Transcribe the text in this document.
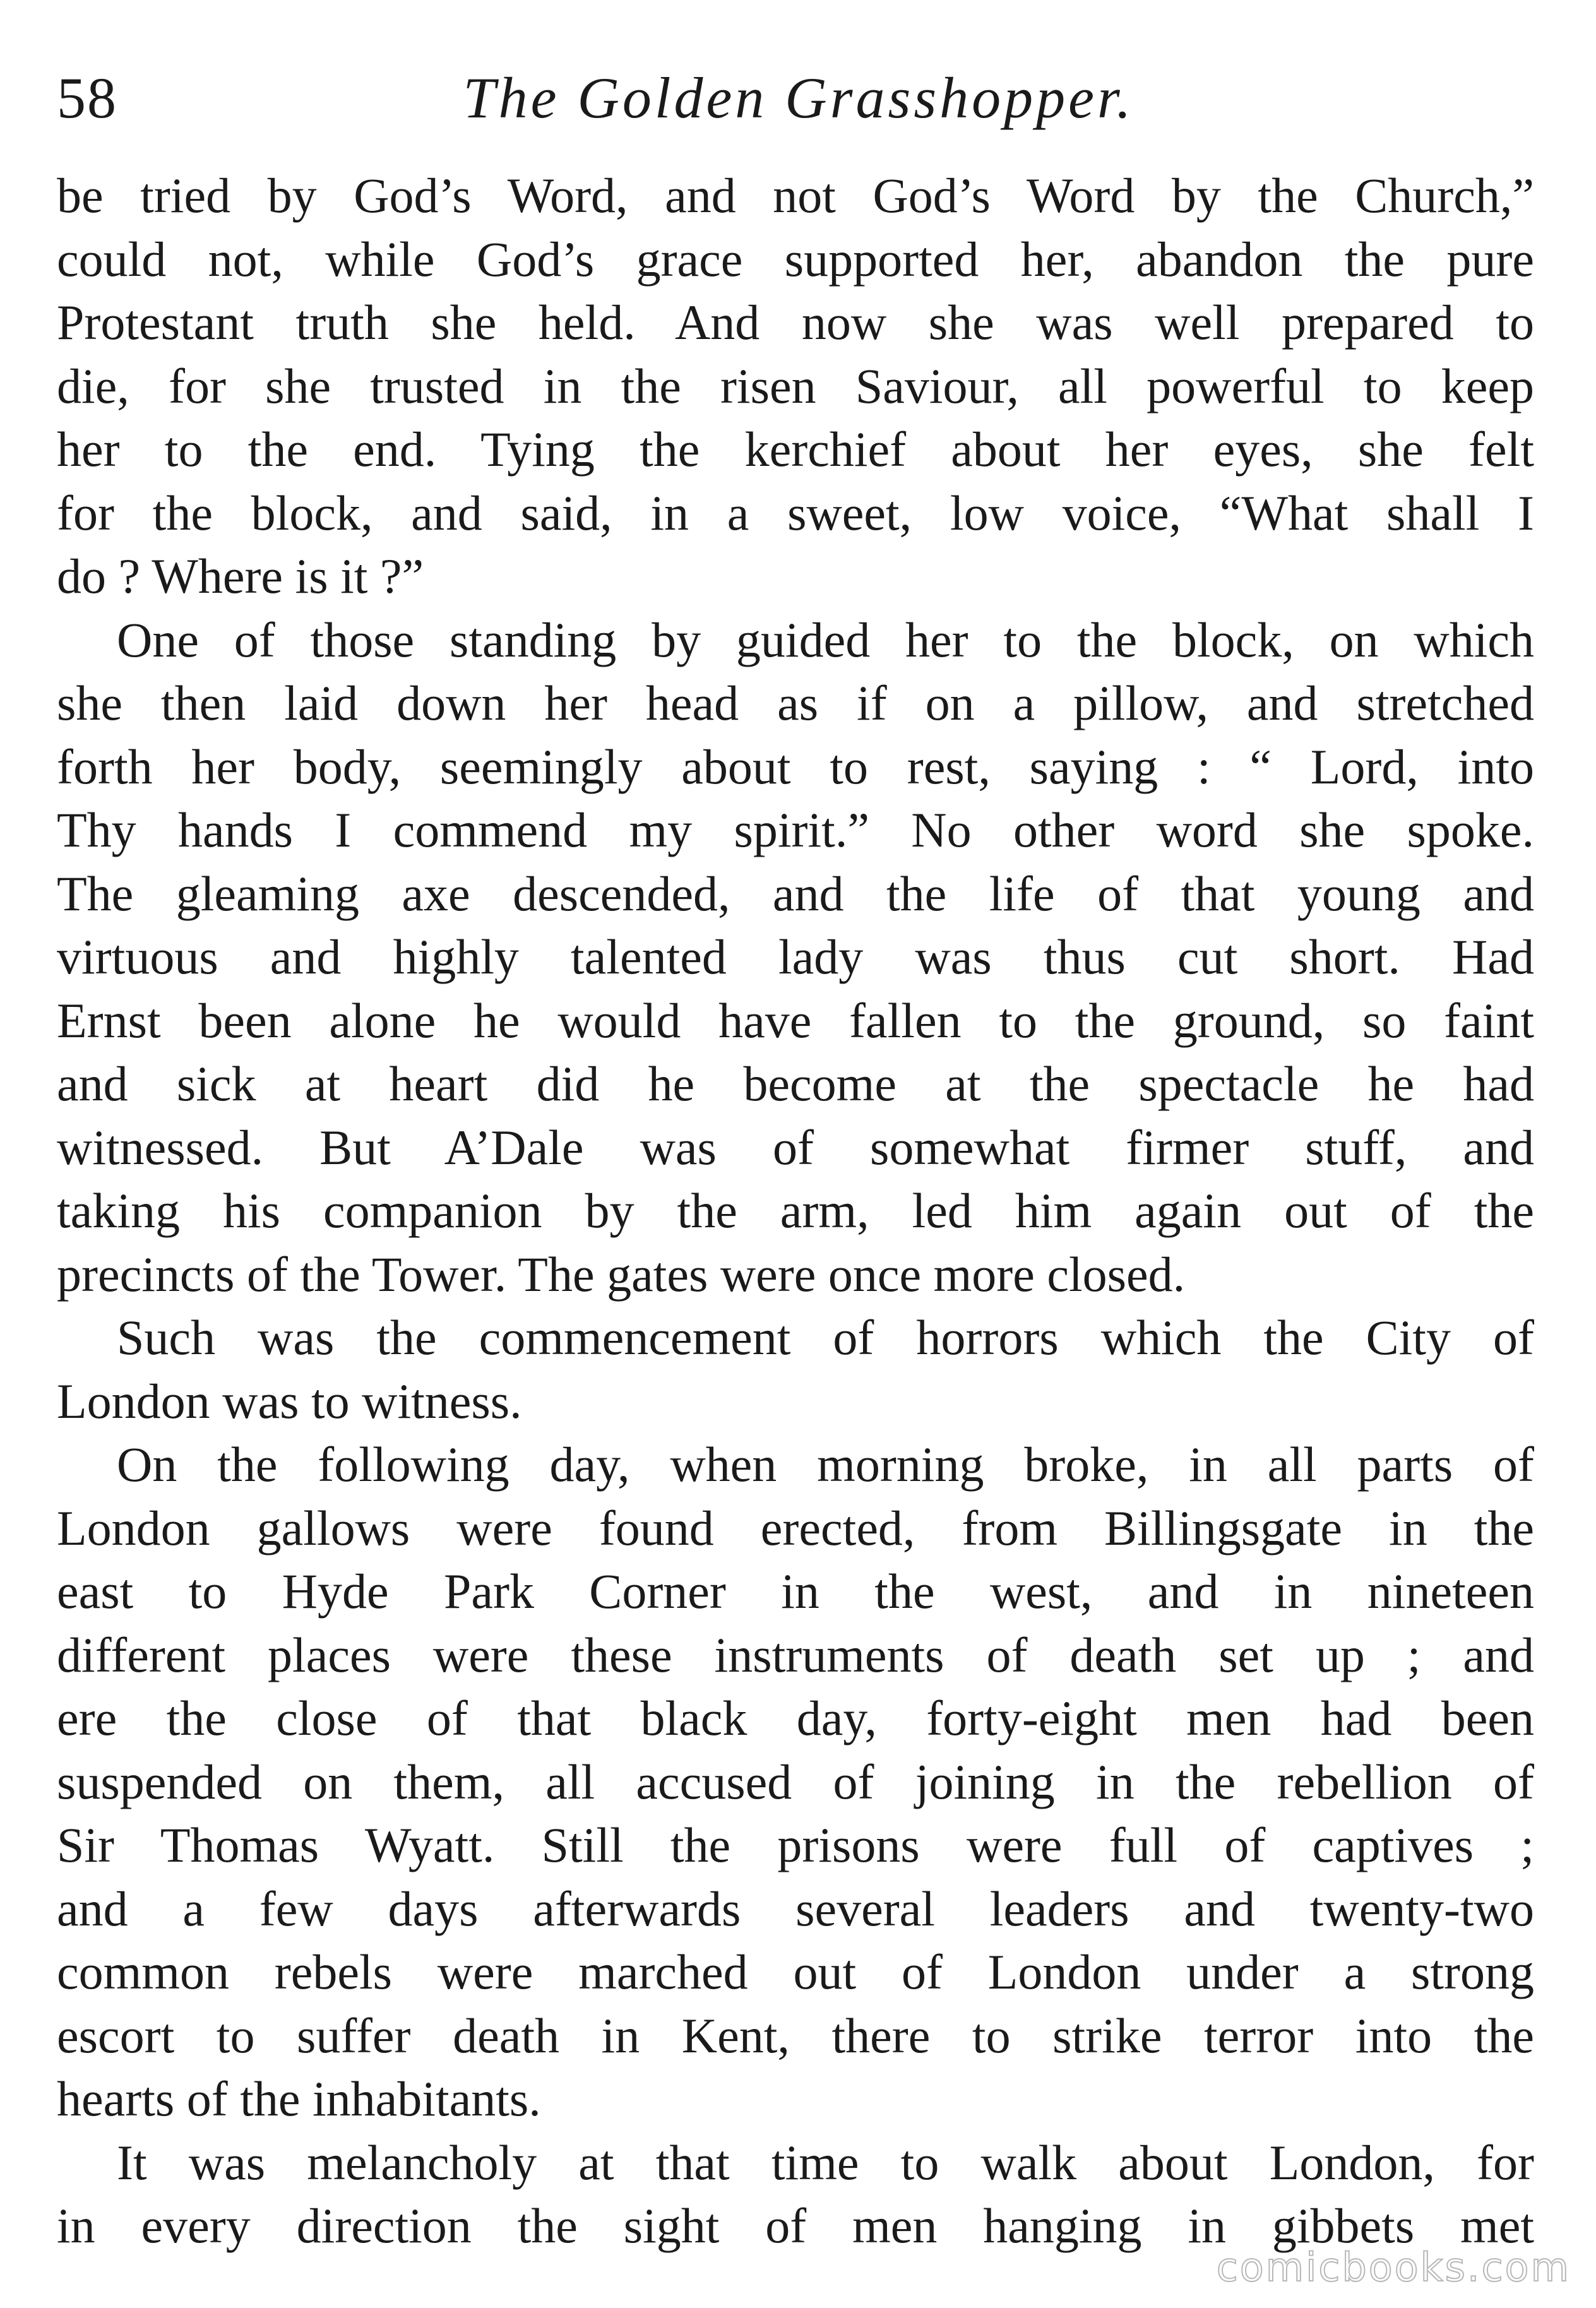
58	The Golden Grasshopper.
be tried by God’s Word, and not God’s Word by the Church,”
could not, while God’s grace supported her, abandon the pure
Protestant truth she held. And now she was well prepared to
die, for she trusted in the risen Saviour, all powerful to keep
her to the end. Tying the kerchief about her eyes, she felt
for the block, and said, in a sweet, low voice, “What shall I
do ? Where is it ?”
One of those standing by guided her to the block, on which
she then laid down her head as if on a pillow, and stretched
forth her body, seemingly about to rest, saying : “ Lord, into
Thy hands I commend my spirit.” No other word she spoke.
The gleaming axe descended, and the life of that young and
virtuous and highly talented lady was thus cut short. Had
Ernst been alone he would have fallen to the ground, so faint
and sick at heart did he become at the spectacle he had
witnessed. But A’Dale was of somewhat firmer stuff, and
taking his companion by the arm, led him again out of the
precincts of the Tower. The gates were once more closed.
Such was the commencement of horrors which the City of
London was to witness.
On the following day, when morning broke, in all parts of
London gallows were found erected, from Billingsgate in the
east to Hyde Park Corner in the west, and in nineteen
different places were these instruments of death set up ; and
ere the close of that black day, forty-eight men had been
suspended on them, all accused of joining in the rebellion of
Sir Thomas Wyatt. Still the prisons were full of captives ;
and a few days afterwards several leaders and twenty-two
common rebels were marched out of London under a strong
escort to suffer death in Kent, there to strike terror into the
hearts of the inhabitants.
It was melancholy at that time to walk about London, for
in every direction the sight of men hanging in gibbets met
comicbooks.com
